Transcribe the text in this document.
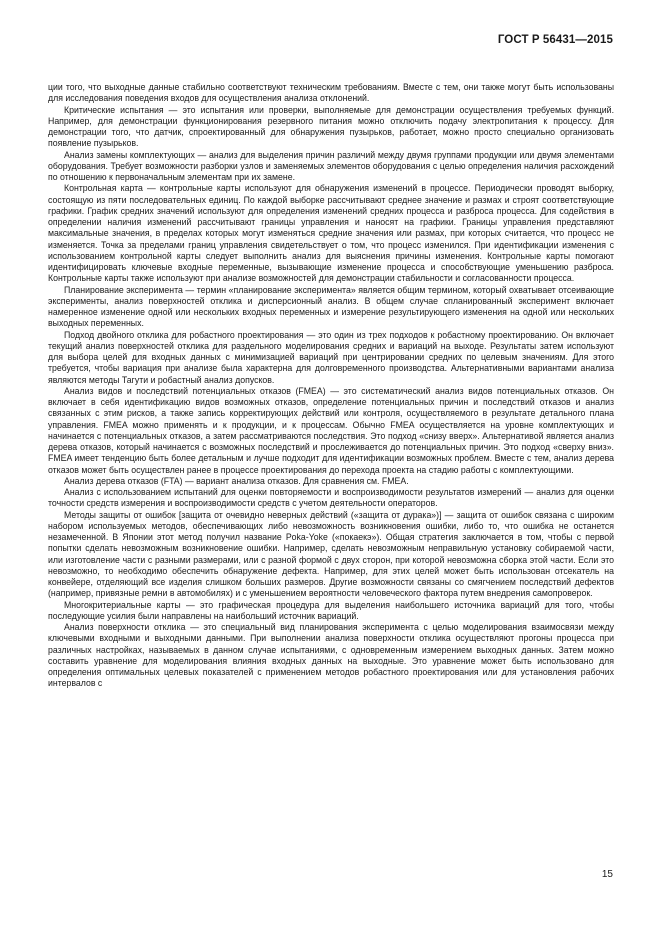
ГОСТ Р 56431—2015

ции того, что выходные данные стабильно соответствуют техническим требованиям. Вместе с тем, они также могут быть использованы для исследования поведения входов для осуществления анализа отклонений.

Критические испытания — это испытания или проверки, выполняемые для демонстрации осуществления требуемых функций. Например, для демонстрации функционирования резервного питания можно отключить подачу электропитания к процессу. Для демонстрации того, что датчик, спроектированный для обнаружения пузырьков, работает, можно просто специально организовать появление пузырьков.

Анализ замены комплектующих — анализ для выделения причин различий между двумя группами продукции или двумя элементами оборудования. Требует возможности разборки узлов и заменяемых элементов оборудования с целью определения наличия расхождений по отношению к первоначальным элементам при их замене.

Контрольная карта — контрольные карты используют для обнаружения изменений в процессе. Периодически проводят выборку, состоящую из пяти последовательных единиц. По каждой выборке рассчитывают среднее значение и размах и строят соответствующие графики. График средних значений используют для определения изменений средних процесса и разброса процесса. Для содействия в определении наличия изменений рассчитывают границы управления и наносят на графики. Границы управления представляют максимальные значения, в пределах которых могут изменяться средние значения или размах, при которых считается, что процесс не изменяется. Точка за пределами границ управления свидетельствует о том, что процесс изменился. При идентификации изменения с использованием контрольной карты следует выполнить анализ для выяснения причины изменения. Контрольные карты помогают идентифицировать ключевые входные переменные, вызывающие изменение процесса и способствующие уменьшению разброса. Контрольные карты также используют при анализе возможностей для демонстрации стабильности и согласованности процесса.

Планирование эксперимента — термин «планирование эксперимента» является общим термином, который охватывает отсеивающие эксперименты, анализ поверхностей отклика и дисперсионный анализ. В общем случае спланированный эксперимент включает намеренное изменение одной или нескольких входных переменных и измерение результирующего изменения на одной или нескольких выходных переменных.

Подход двойного отклика для робастного проектирования — это один из трех подходов к робастному проектированию. Он включает текущий анализ поверхностей отклика для раздельного моделирования средних и вариаций на выходе. Результаты затем используют для выбора целей для входных данных с минимизацией вариаций при центрировании средних по целевым значениям. Для этого требуется, чтобы вариация при анализе была характерна для долговременного производства. Альтернативными вариантами анализа являются методы Тагути и робастный анализ допусков.

Анализ видов и последствий потенциальных отказов (FMEA) — это систематический анализ видов потенциальных отказов. Он включает в себя идентификацию видов возможных отказов, определение потенциальных причин и последствий отказов и анализ связанных с этим рисков, а также запись корректирующих действий или контроля, осуществляемого в результате детального плана управления. FMEA можно применять и к продукции, и к процессам. Обычно FMEA осуществляется на уровне комплектующих и начинается с потенциальных отказов, а затем рассматриваются последствия. Это подход «снизу вверх». Альтернативой является анализ дерева отказов, который начинается с возможных последствий и прослеживается до потенциальных причин. Это подход «сверху вниз». FMEA имеет тенденцию быть более детальным и лучше подходит для идентификации возможных проблем. Вместе с тем, анализ дерева отказов может быть осуществлен ранее в процессе проектирования до перехода проекта на стадию работы с комплектующими.

Анализ дерева отказов (FTA) — вариант анализа отказов. Для сравнения см. FMEA.

Анализ с использованием испытаний для оценки повторяемости и воспроизводимости результатов измерений — анализ для оценки точности средств измерения и воспроизводимости средств с учетом деятельности операторов.

Методы защиты от ошибок [защита от очевидно неверных действий («защита от дурака»)] — защита от ошибок связана с широким набором используемых методов, обеспечивающих либо невозможность возникновения ошибки, либо то, что ошибка не останется незамеченной. В Японии этот метод получил название Poka-Yoke («покаекэ»). Общая стратегия заключается в том, чтобы с первой попытки сделать невозможным возникновение ошибки. Например, сделать невозможным неправильную установку собираемой части, или изготовление части с разными размерами, или с разной формой с двух сторон, при которой невозможна сборка этой части. Если это невозможно, то необходимо обеспечить обнаружение дефекта. Например, для этих целей может быть использован отсекатель на конвейере, отделяющий все изделия слишком больших размеров. Другие возможности связаны со смягчением последствий дефектов (например, привязные ремни в автомобилях) и с уменьшением вероятности человеческого фактора путем внедрения самопроверок.

Многокритериальные карты — это графическая процедура для выделения наибольшего источника вариаций для того, чтобы последующие усилия были направлены на наибольший источник вариаций.

Анализ поверхности отклика — это специальный вид планирования эксперимента с целью моделирования взаимосвязи между ключевыми входными и выходными данными. При выполнении анализа поверхности отклика осуществляют прогоны процесса при различных настройках, называемых в данном случае испытаниями, с одновременным измерением выходных данных. Затем можно составить уравнение для моделирования влияния входных данных на выходные. Это уравнение может быть использовано для определения оптимальных целевых показателей с применением методов робастного проектирования или для установления рабочих интервалов с

15
